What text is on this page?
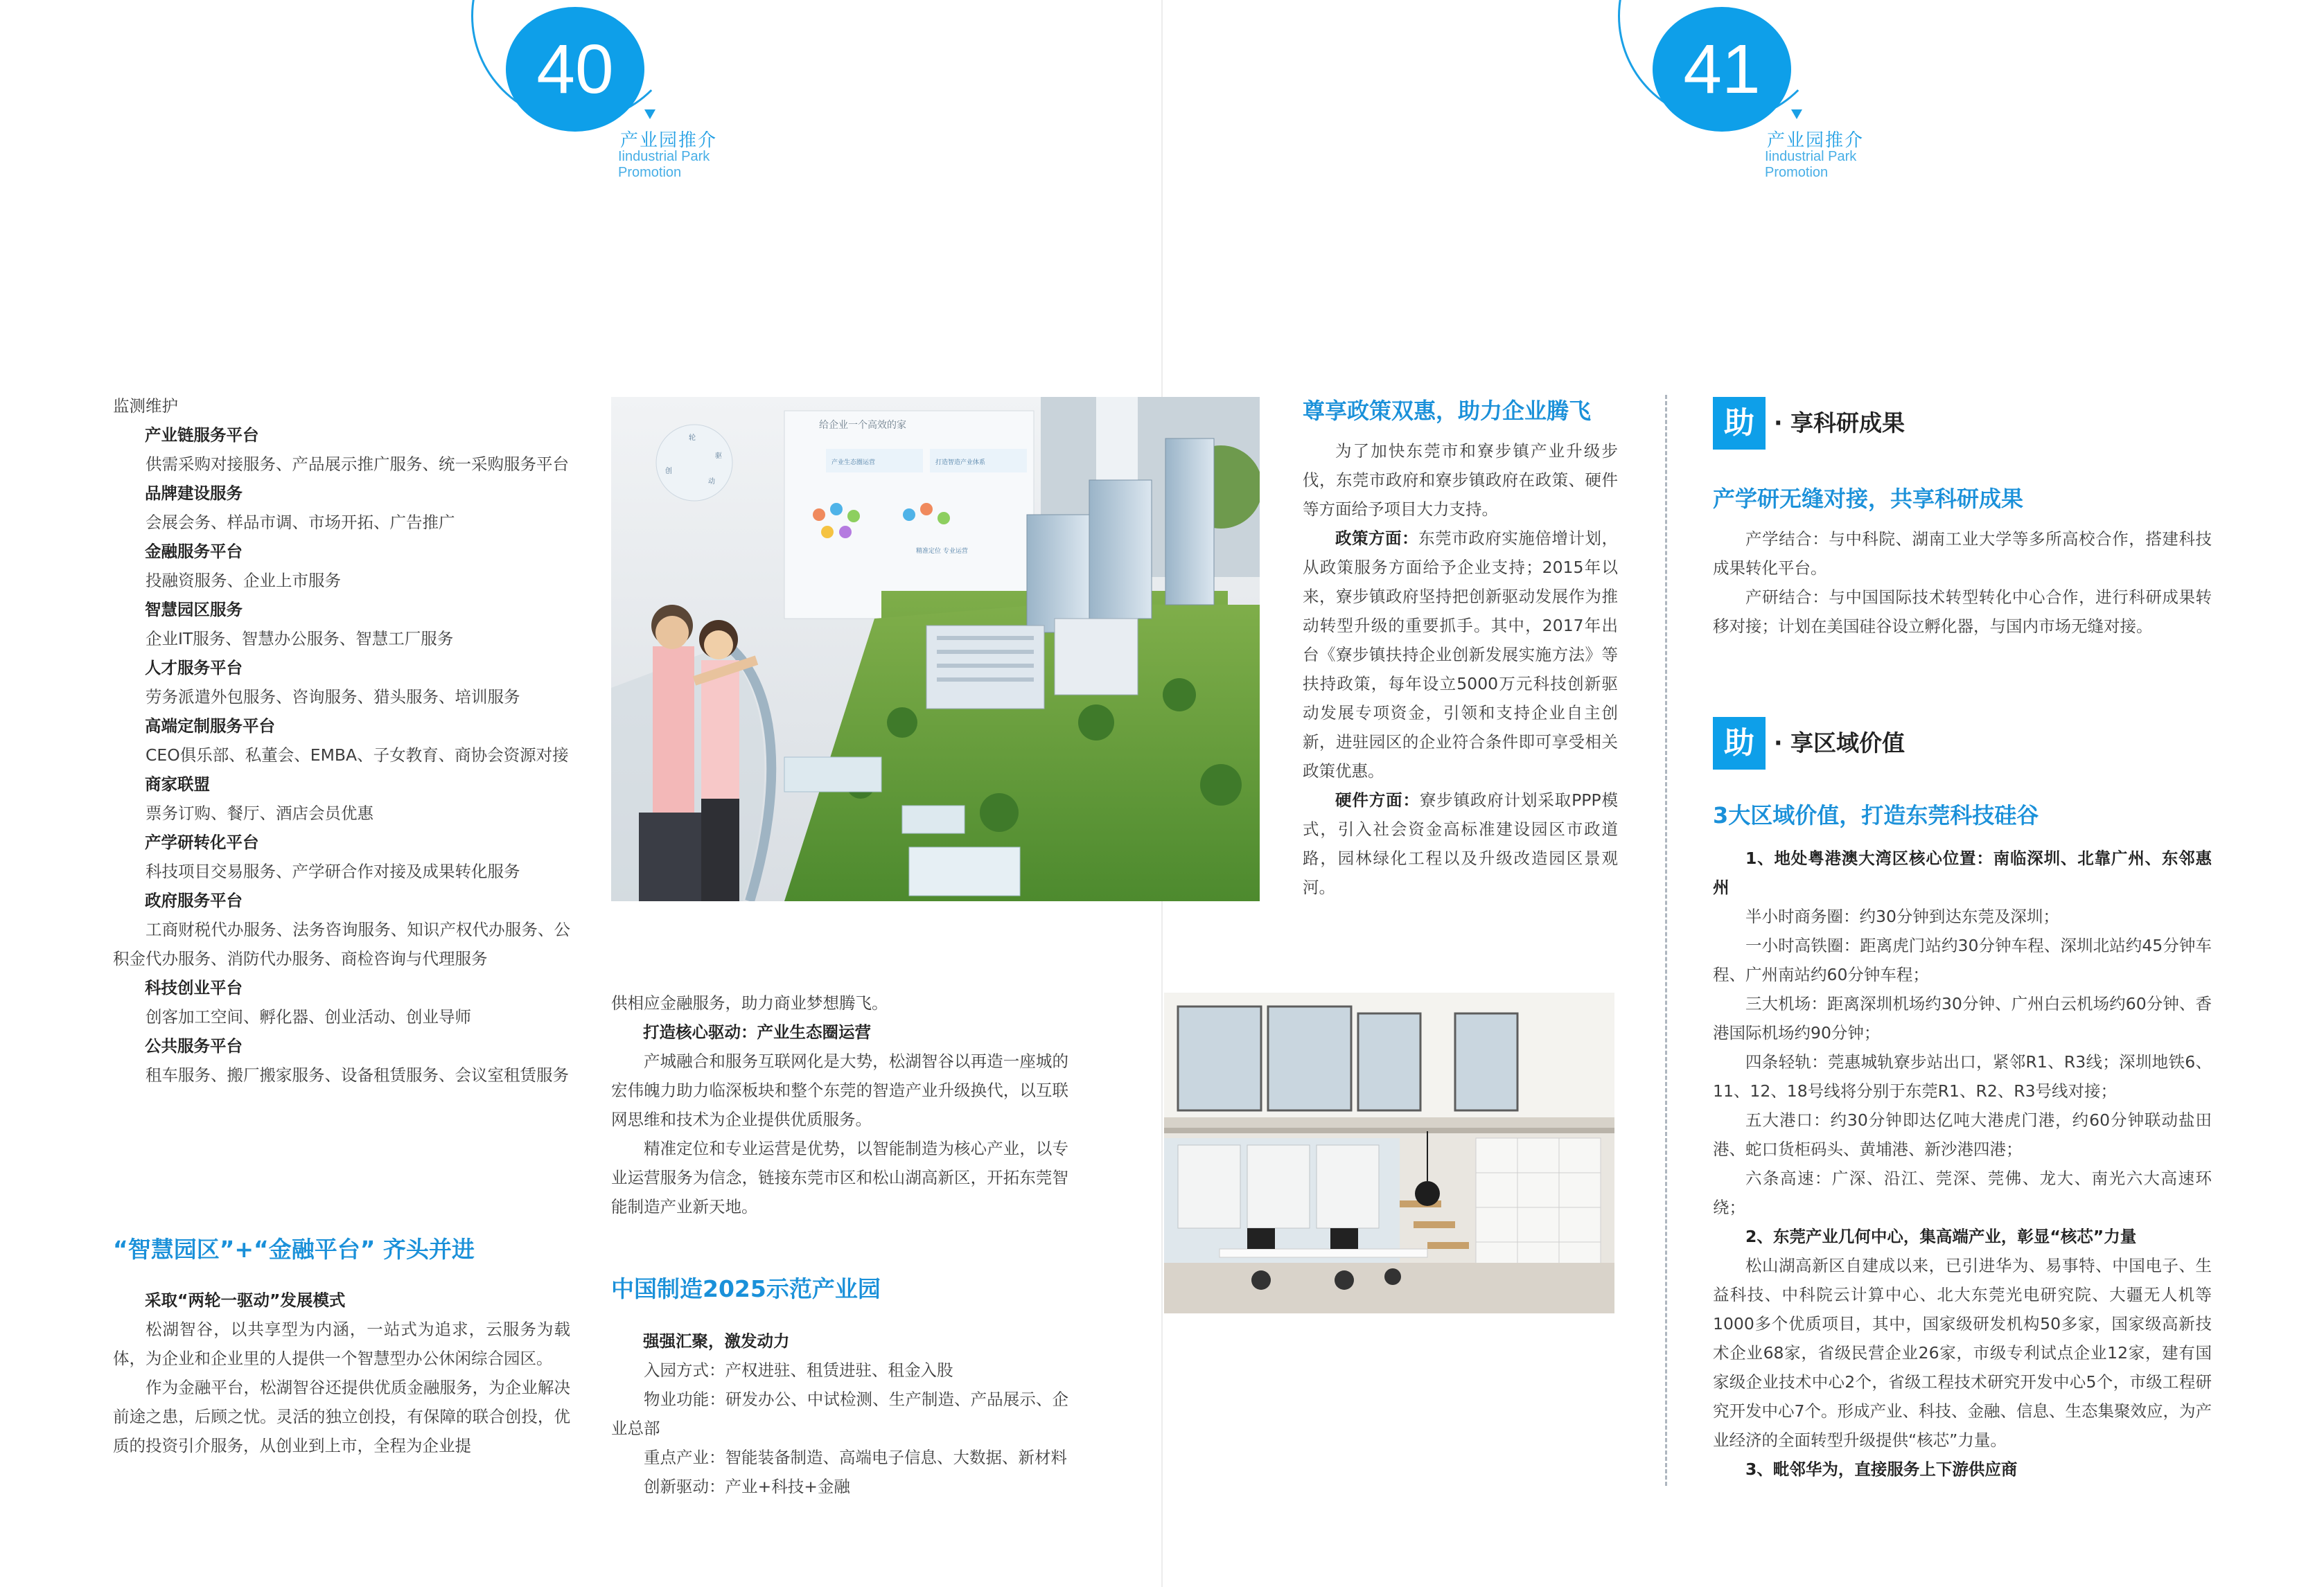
40
产业园推介
Iindustrial Park Promotion
41
产业园推介
Iindustrial Park Promotion

监测维护

产业链服务平台

供需采购对接服务、产品展示推广服务、统一采购服务平台

品牌建设服务

会展会务、样品市调、市场开拓、广告推广

金融服务平台

投融资服务、企业上市服务

智慧园区服务

企业IT服务、智慧办公服务、智慧工厂服务

人才服务平台

劳务派遣外包服务、咨询服务、猎头服务、培训服务

高端定制服务平台

CEO俱乐部、私董会、EMBA、子女教育、商协会资源对接

商家联盟

票务订购、餐厅、酒店会员优惠

产学研转化平台

科技项目交易服务、产学研合作对接及成果转化服务

政府服务平台

工商财税代办服务、法务咨询服务、知识产权代办服务、公积金代办服务、消防代办服务、商检咨询与代理服务

科技创业平台

创客加工空间、孵化器、创业活动、创业导师

公共服务平台

租车服务、搬厂搬家服务、设备租赁服务、会议室租赁服务

“智慧园区”+“金融平台” 齐头并进

采取“两轮一驱动”发展模式

松湖智谷，以共享型为内涵，一站式为追求，云服务为载体，为企业和企业里的人提供一个智慧型办公休闲综合园区。

作为金融平台，松湖智谷还提供优质金融服务，为企业解决前途之患，后顾之忧。灵活的独立创投，有保障的联合创投，优质的投资引介服务，从创业到上市，全程为企业提

给企业一个高效的家
产业生态圈运营	打造智造产业体系
轮
驱
创
动
精准定位 专业运营

供相应金融服务，助力商业梦想腾飞。

打造核心驱动：产业生态圈运营

产城融合和服务互联网化是大势，松湖智谷以再造一座城的宏伟魄力助力临深板块和整个东莞的智造产业升级换代，以互联网思维和技术为企业提供优质服务。

精准定位和专业运营是优势，以智能制造为核心产业，以专业运营服务为信念，链接东莞市区和松山湖高新区，开拓东莞智能制造产业新天地。

中国制造2025示范产业园

强强汇聚，激发动力

入园方式：产权进驻、租赁进驻、租金入股

物业功能：研发办公、中试检测、生产制造、产品展示、企业总部

重点产业：智能装备制造、高端电子信息、大数据、新材料

创新驱动：产业+科技+金融

尊享政策双惠，助力企业腾飞

为了加快东莞市和寮步镇产业升级步伐，东莞市政府和寮步镇政府在政策、硬件等方面给予项目大力支持。

政策方面：东莞市政府实施倍增计划，从政策服务方面给予企业支持；2015年以来，寮步镇政府坚持把创新驱动发展作为推动转型升级的重要抓手。其中，2017年出台《寮步镇扶持企业创新发展实施方法》等扶持政策，每年设立5000万元科技创新驱动发展专项资金，引领和支持企业自主创新，进驻园区的企业符合条件即可享受相关政策优惠。

硬件方面：寮步镇政府计划采取PPP模式，引入社会资金高标准建设园区市政道路，园林绿化工程以及升级改造园区景观河。

助 · 享科研成果
产学研无缝对接，共享科研成果

产学结合：与中科院、湖南工业大学等多所高校合作，搭建科技成果转化平台。

产研结合：与中国国际技术转型转化中心合作，进行科研成果转移对接；计划在美国硅谷设立孵化器，与国内市场无缝对接。

助 · 享区域价值
3大区域价值，打造东莞科技硅谷

1、地处粤港澳大湾区核心位置：南临深圳、北靠广州、东邻惠州

半小时商务圈：约30分钟到达东莞及深圳；

一小时高铁圈：距离虎门站约30分钟车程、深圳北站约45分钟车程、广州南站约60分钟车程；

三大机场：距离深圳机场约30分钟、广州白云机场约60分钟、香港国际机场约90分钟；

四条轻轨：莞惠城轨寮步站出口，紧邻R1、R3线；深圳地铁6、11、12、18号线将分别于东莞R1、R2、R3号线对接；

五大港口：约30分钟即达亿吨大港虎门港，约60分钟联动盐田港、蛇口货柜码头、黄埔港、新沙港四港；

六条高速：广深、沿江、莞深、莞佛、龙大、南光六大高速环绕；

2、东莞产业几何中心，集高端产业，彰显“核芯”力量

松山湖高新区自建成以来，已引进华为、易事特、中国电子、生益科技、中科院云计算中心、北大东莞光电研究院、大疆无人机等1000多个优质项目，其中，国家级研发机构50多家，国家级高新技术企业68家，省级民营企业26家，市级专利试点企业12家，建有国家级企业技术中心2个，省级工程技术研究开发中心5个，市级工程研究开发中心7个。形成产业、科技、金融、信息、生态集聚效应，为产业经济的全面转型升级提供“核芯”力量。

3、毗邻华为，直接服务上下游供应商
